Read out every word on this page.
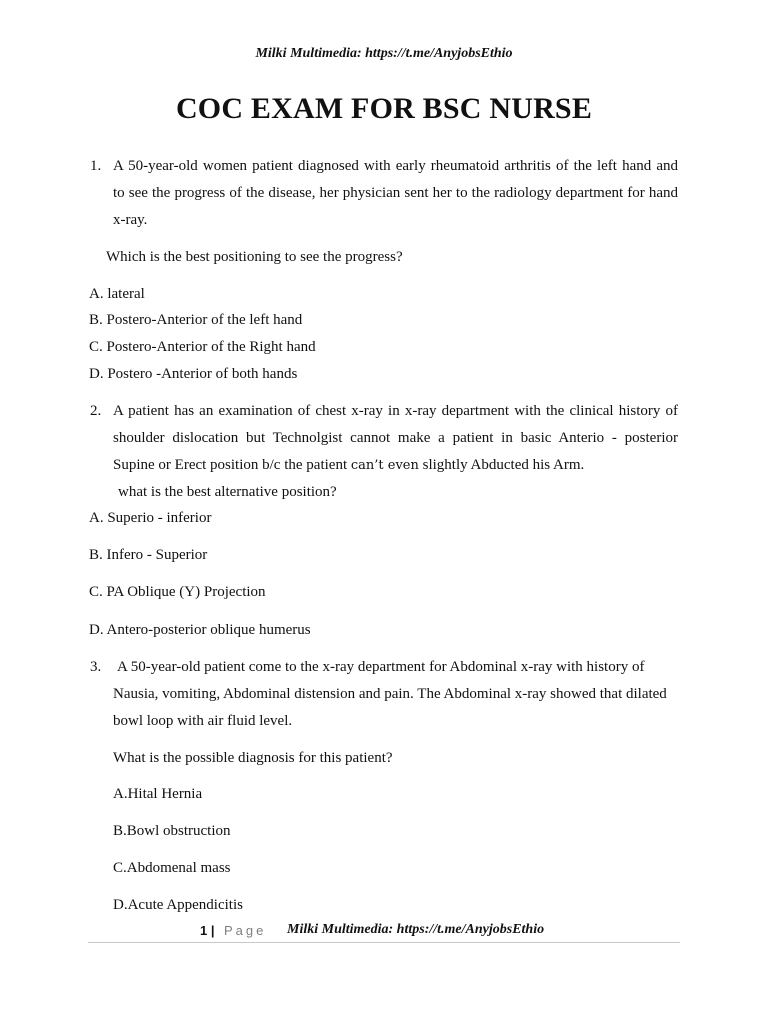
Milki Multimedia: https://t.me/AnyjobsEthio
COC EXAM FOR BSC NURSE
1. A 50-year-old women patient diagnosed with early rheumatoid arthritis of the left hand and
to see the progress of the disease, her physician sent her to the radiology department for hand
x-ray.
Which is the best positioning to see the progress?
A. lateral
B. Postero-Anterior of the left hand
C. Postero-Anterior of the Right hand
D. Postero -Anterior of both hands
2. A patient has an examination of chest x-ray in x-ray department with the clinical history of
shoulder dislocation but Technolgist cannot make a patient in basic Anterio - posterior
Supine or Erect position b/c the patient can’t even slightly Abducted his Arm.
what is the best alternative position?
A. Superio - inferior
B. Infero - Superior
C. PA Oblique (Y) Projection
D. Antero-posterior oblique humerus
3. A 50-year-old patient come to the x-ray department for Abdominal x-ray with history of
Nausia, vomiting, Abdominal distension and pain. The Abdominal x-ray showed that dilated
bowl loop with air fluid level.
What is the possible diagnosis for this patient?
A.Hital Hernia
B.Bowl obstruction
C.Abdomenal mass
D.Acute Appendicitis
1 | Page Milki Multimedia: https://t.me/AnyjobsEthio
